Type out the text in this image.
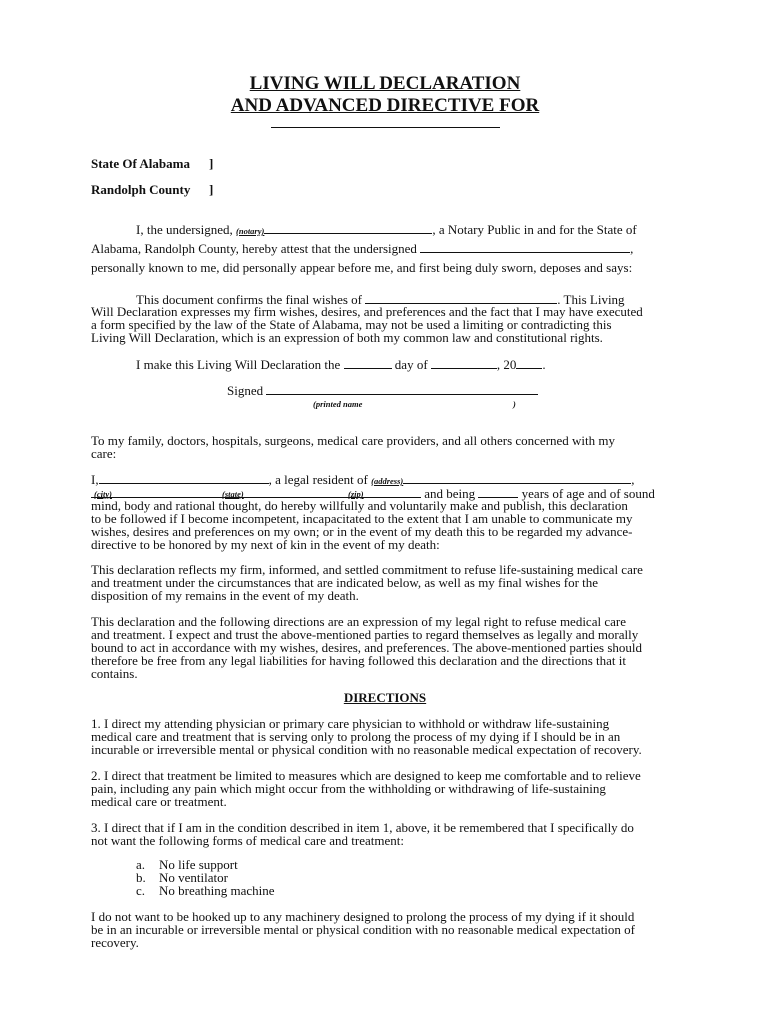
LIVING WILL DECLARATION
AND ADVANCED DIRECTIVE FOR
State Of Alabama ]
Randolph County ]
I, the undersigned, (notary)	, a Notary Public in and for the State of
Alabama, Randolph County, hereby attest that the undersigned	,
personally known to me, did personally appear before me, and first being duly sworn, deposes and says:
This document confirms the final wishes of	. This Living
Will Declaration expresses my firm wishes, desires, and preferences and the fact that I may have executed
a form specified by the law of the State of Alabama, may not be used a limiting or contradicting this
Living Will Declaration, which is an expression of both my common law and constitutional rights.
I make this Living Will Declaration the	day of	, 20 .
Signed
(printed name	)
To my family, doctors, hospitals, surgeons, medical care providers, and all others concerned with my
care:
I,	, a legal resident of (address)	,
(city)	(state)	(zip)	and being	years of age and of sound
mind, body and rational thought, do hereby willfully and voluntarily make and publish, this declaration
to be followed if I become incompetent, incapacitated to the extent that I am unable to communicate my
wishes, desires and preferences on my own; or in the event of my death this to be regarded my advance-
directive to be honored by my next of kin in the event of my death:
This declaration reflects my firm, informed, and settled commitment to refuse life-sustaining medical care
and treatment under the circumstances that are indicated below, as well as my final wishes for the
disposition of my remains in the event of my death.
This declaration and the following directions are an expression of my legal right to refuse medical care
and treatment. I expect and trust the above-mentioned parties to regard themselves as legally and morally
bound to act in accordance with my wishes, desires, and preferences. The above-mentioned parties should
therefore be free from any legal liabilities for having followed this declaration and the directions that it
contains.
DIRECTIONS
1. I direct my attending physician or primary care physician to withhold or withdraw life-sustaining
medical care and treatment that is serving only to prolong the process of my dying if I should be in an
incurable or irreversible mental or physical condition with no reasonable medical expectation of recovery.
2. I direct that treatment be limited to measures which are designed to keep me comfortable and to relieve
pain, including any pain which might occur from the withholding or withdrawing of life-sustaining
medical care or treatment.
3. I direct that if I am in the condition described in item 1, above, it be remembered that I specifically do
not want the following forms of medical care and treatment:
a. No life support
b. No ventilator
c. No breathing machine
I do not want to be hooked up to any machinery designed to prolong the process of my dying if it should
be in an incurable or irreversible mental or physical condition with no reasonable medical expectation of
recovery.
